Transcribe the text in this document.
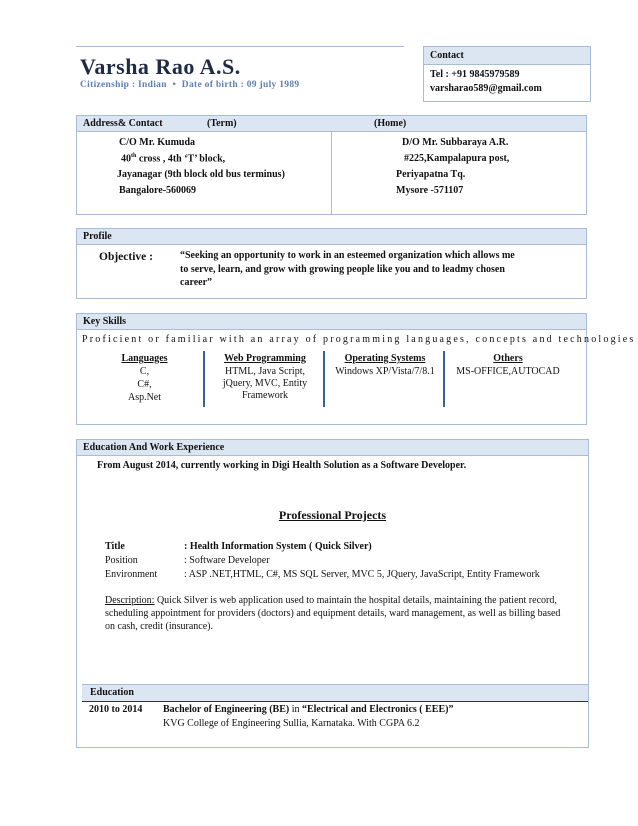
Varsha Rao A.S.
Citizenship : Indian • Date of birth : 09 july 1989
Contact
Tel : +91 9845979589
varsharao589@gmail.com
Address& Contact	(Term)	(Home)
C/O Mr. Kumuda
40th cross , 4th ‘T’ block,
Jayanagar (9th block old bus terminus)
Bangalore-560069
D/O Mr. Subbaraya A.R.
#225,Kampalapura post,
Periyapatna Tq.
Mysore -571107
Profile
Objective :	“Seeking an opportunity to work in an esteemed organization which allows me
to serve, learn, and grow with growing people like you and to leadmy chosen
career”
Key Skills
Proficient or familiar with an array of programming languages, concepts and technologies
Languages
C,
C#,
Asp.Net
Web Programming
HTML, Java Script,
jQuery, MVC, Entity
Framework
Operating Systems
Windows XP/Vista/7/8.1
Others
MS-OFFICE,AUTOCAD
Education And Work Experience
From August 2014, currently working in Digi Health Solution as a Software Developer.
Professional Projects
Title	: Health Information System ( Quick Silver)
Position	: Software Developer
Environment	: ASP .NET,HTML, C#, MS SQL Server, MVC 5, JQuery, JavaScript, Entity Framework
Description: Quick Silver is web application used to maintain the hospital details, maintaining the patient record,
scheduling appointment for providers (doctors) and equipment details, ward management, as well as billing based
on cash, credit (insurance).
Education
2010 to 2014 Bachelor of Engineering (BE) in “Electrical and Electronics ( EEE)”
KVG College of Engineering Sullia, Karnataka. With CGPA 6.2
